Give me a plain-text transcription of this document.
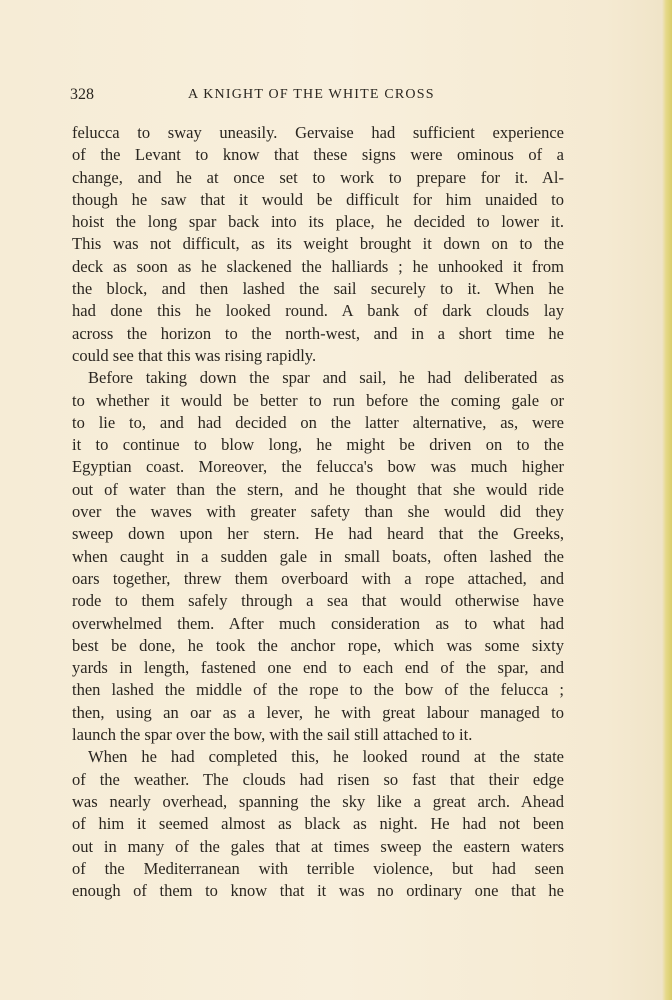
328	A KNIGHT OF THE WHITE CROSS
felucca to sway uneasily. Gervaise had sufficient experience
of the Levant to know that these signs were ominous of a
change, and he at once set to work to prepare for it. Al-
though he saw that it would be difficult for him unaided to
hoist the long spar back into its place, he decided to lower it.
This was not difficult, as its weight brought it down on to the
deck as soon as he slackened the halliards ; he unhooked it from
the block, and then lashed the sail securely to it. When he
had done this he looked round. A bank of dark clouds lay
across the horizon to the north-west, and in a short time he
could see that this was rising rapidly.
Before taking down the spar and sail, he had deliberated as
to whether it would be better to run before the coming gale or
to lie to, and had decided on the latter alternative, as, were
it to continue to blow long, he might be driven on to the
Egyptian coast. Moreover, the felucca's bow was much higher
out of water than the stern, and he thought that she would ride
over the waves with greater safety than she would did they
sweep down upon her stern. He had heard that the Greeks,
when caught in a sudden gale in small boats, often lashed the
oars together, threw them overboard with a rope attached, and
rode to them safely through a sea that would otherwise have
overwhelmed them. After much consideration as to what had
best be done, he took the anchor rope, which was some sixty
yards in length, fastened one end to each end of the spar, and
then lashed the middle of the rope to the bow of the felucca ;
then, using an oar as a lever, he with great labour managed to
launch the spar over the bow, with the sail still attached to it.
When he had completed this, he looked round at the state
of the weather. The clouds had risen so fast that their edge
was nearly overhead, spanning the sky like a great arch. Ahead
of him it seemed almost as black as night. He had not been
out in many of the gales that at times sweep the eastern waters
of the Mediterranean with terrible violence, but had seen
enough of them to know that it was no ordinary one that he
